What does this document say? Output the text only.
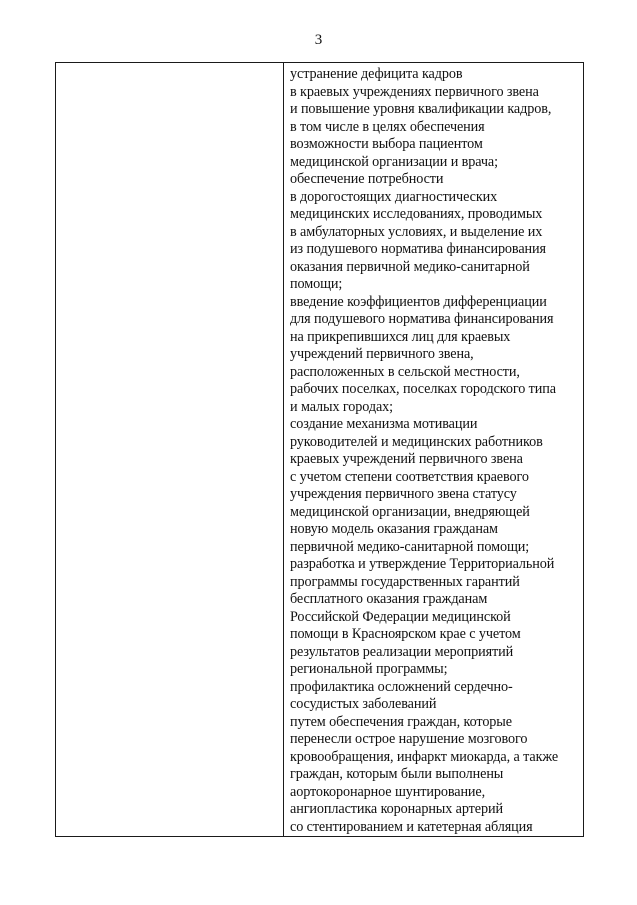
3

устранение дефицита кадров
в краевых учреждениях первичного звена
и повышение уровня квалификации кадров,
в том числе в целях обеспечения
возможности выбора пациентом
медицинской организации и врача;
обеспечение потребности
в дорогостоящих диагностических
медицинских исследованиях, проводимых
в амбулаторных условиях, и выделение их
из подушевого норматива финансирования
оказания первичной медико-санитарной
помощи;
введение коэффициентов дифференциации
для подушевого норматива финансирования
на прикрепившихся лиц для краевых
учреждений первичного звена,
расположенных в сельской местности,
рабочих поселках, поселках городского типа
и малых городах;
создание механизма мотивации
руководителей и медицинских работников
краевых учреждений первичного звена
с учетом степени соответствия краевого
учреждения первичного звена статусу
медицинской организации, внедряющей
новую модель оказания гражданам
первичной медико-санитарной помощи;
разработка и утверждение Территориальной
программы государственных гарантий
бесплатного оказания гражданам
Российской Федерации медицинской
помощи в Красноярском крае с учетом
результатов реализации мероприятий
региональной программы;
профилактика осложнений сердечно-
сосудистых заболеваний
путем обеспечения граждан, которые
перенесли острое нарушение мозгового
кровообращения, инфаркт миокарда, а также
граждан, которым были выполнены
аортокоронарное шунтирование,
ангиопластика коронарных артерий
со стентированием и катетерная абляция
